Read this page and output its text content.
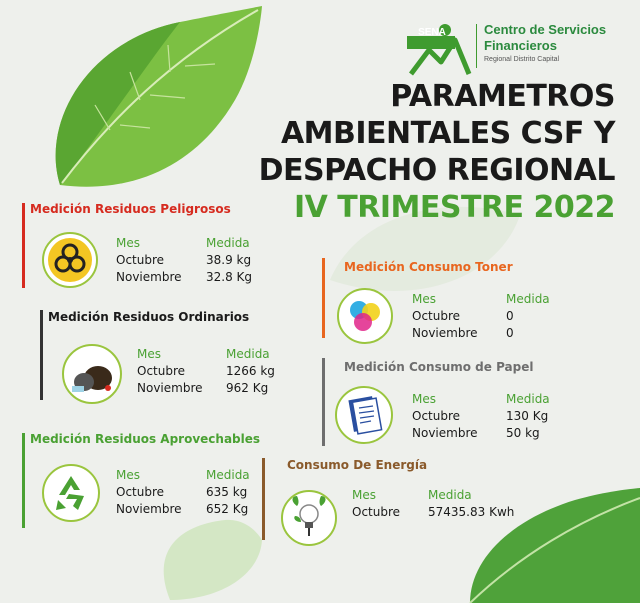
SENA	Centro de Servicios
Financieros
Regional Distrito Capital
PARAMETROS
AMBIENTALES CSF Y
DESPACHO REGIONAL
IV TRIMESTRE 2022
Medición Residuos Peligrosos
Mes	Medida
Octubre	38.9 kg
Noviembre 32.8 Kg
Medición Residuos Ordinarios
Mes	Medida
Octubre	1266 kg
Noviembre 962 Kg
Medición Residuos Aprovechables
Mes	Medida
Octubre	635 kg
Noviembre 652 Kg
Medición Consumo Toner
Mes	Medida
Octubre	0
Noviembre 0
Medición Consumo de Papel
Mes	Medida
Octubre	130 Kg
Noviembre 50 kg
Consumo De Energía
Mes	Medida
Octubre 57435.83 Kwh
